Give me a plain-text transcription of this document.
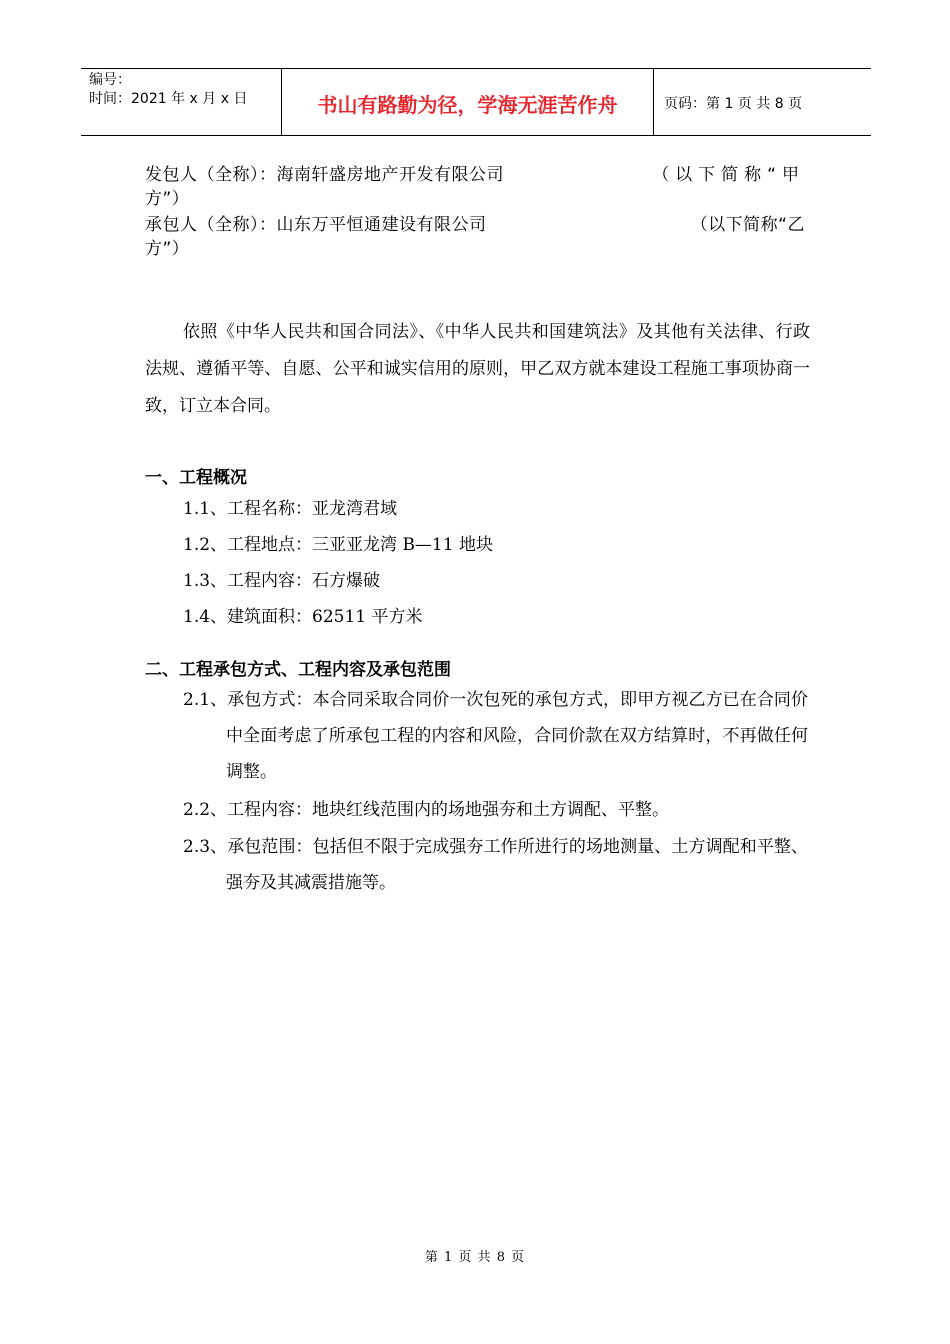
编号：
时间：2021 年 x 月 x 日	书山有路勤为径，学海无涯苦作舟	页码：第 1 页 共 8 页
发包人（全称）：海南轩盛房地产开发有限公司	（以下简称“甲
方”）
承包人（全称）：山东万平恒通建设有限公司	（以下简称“乙
方”）

依照《中华人民共和国合同法》、《中华人民共和国建筑法》及其他有关法律、行政法规、遵循平等、自愿、公平和诚实信用的原则，甲乙双方就本建设工程施工事项协商一致，订立本合同。

一、工程概况
1.1、工程名称：亚龙湾君域
1.2、工程地点：三亚亚龙湾 B—11 地块
1.3、工程内容：石方爆破
1.4、建筑面积：62511 平方米
二、工程承包方式、工程内容及承包范围
2.1、承包方式：本合同采取合同价一次包死的承包方式，即甲方视乙方已在合同价中全面考虑了所承包工程的内容和风险，合同价款在双方结算时，不再做任何调整。
2.2、工程内容：地块红线范围内的场地强夯和土方调配、平整。
2.3、承包范围：包括但不限于完成强夯工作所进行的场地测量、土方调配和平整、强夯及其减震措施等。
第 1 页 共 8 页
